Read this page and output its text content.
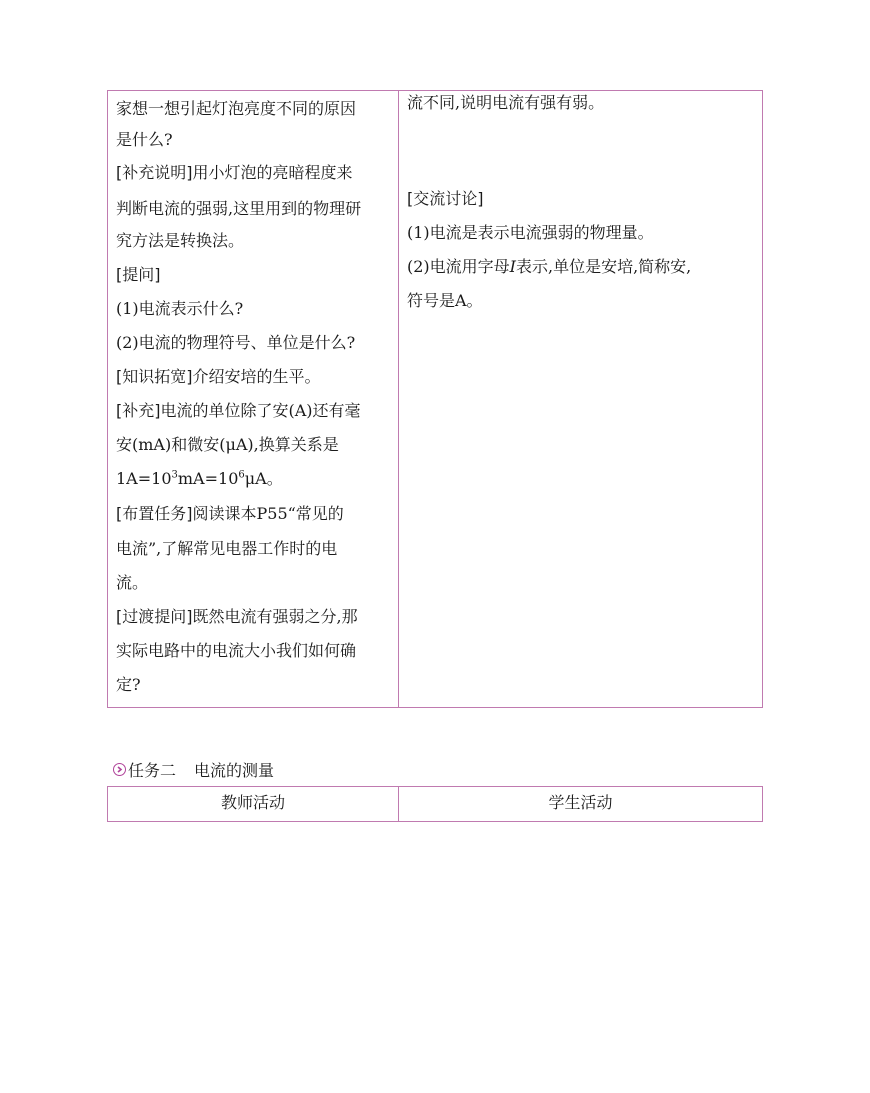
家想一想引起灯泡亮度不同的原因
是什么?
[补充说明]用小灯泡的亮暗程度来
判断电流的强弱,这里用到的物理研
究方法是转换法。
[提问]
(1)电流表示什么?
(2)电流的物理符号、单位是什么?
[知识拓宽]介绍安培的生平。
[补充]电流的单位除了安(A)还有毫
安(mA)和微安(μA),换算关系是
$1A=10^3mA=10^6\mu A$。
[布置任务]阅读课本P55“常见的
电流”,了解常见电器工作时的电
流。
[过渡提问]既然电流有强弱之分,那
实际电路中的电流大小我们如何确
定?
流不同,说明电流有强有弱。
[交流讨论]
(1)电流是表示电流强弱的物理量。
(2)电流用字母I表示,单位是安培,简称安,
符号是A。
任务二 电流的测量
教师活动	学生活动
